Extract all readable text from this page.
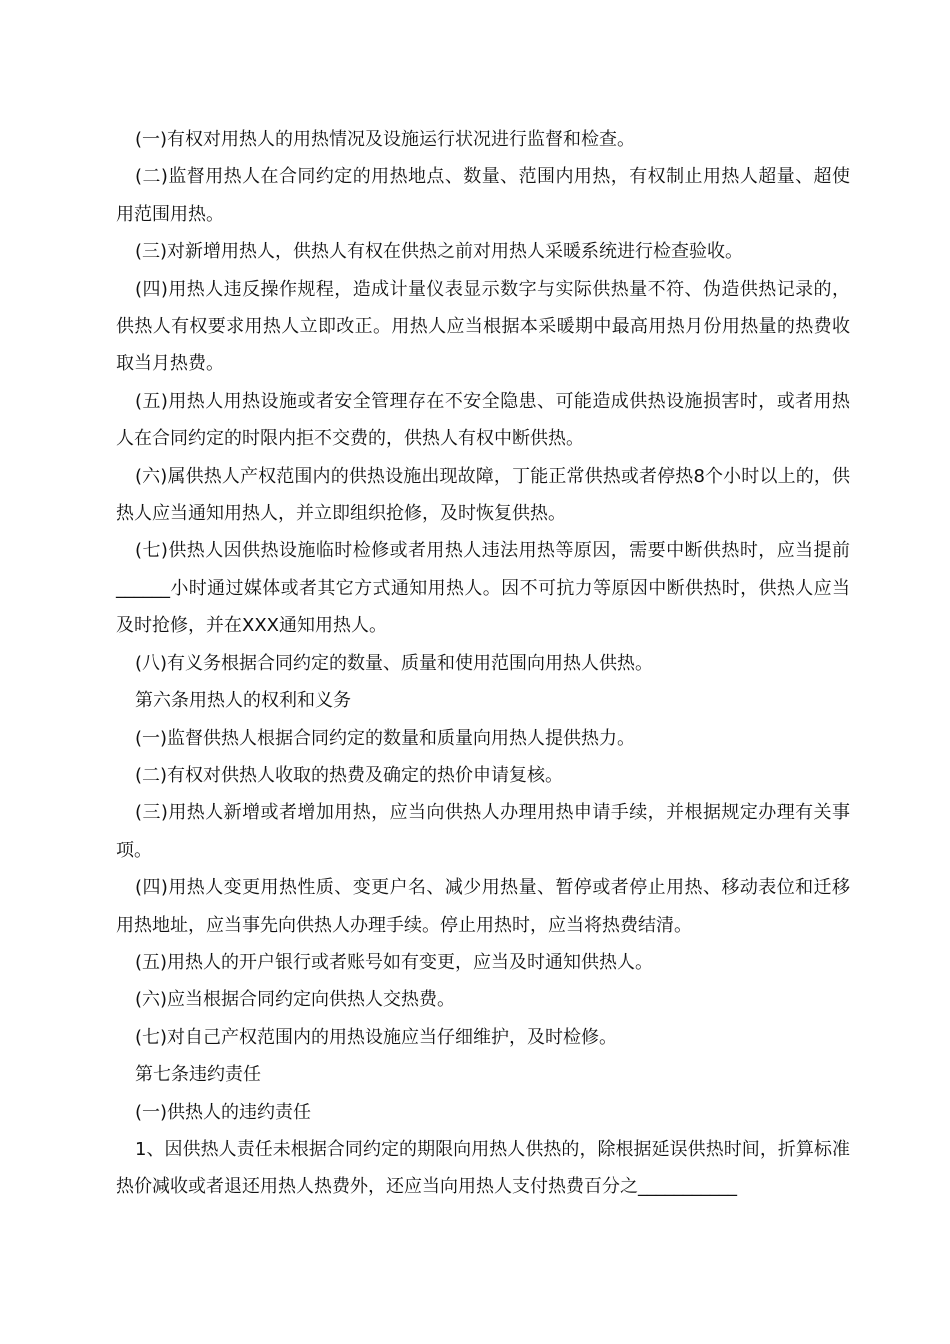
(一)有权对用热人的用热情况及设施运行状况进行监督和检查。

(二)监督用热人在合同约定的用热地点、数量、范围内用热，有权制止用热人超量、超使用范围用热。

(三)对新增用热人，供热人有权在供热之前对用热人采暖系统进行检查验收。

(四)用热人违反操作规程，造成计量仪表显示数字与实际供热量不符、伪造供热记录的，供热人有权要求用热人立即改正。用热人应当根据本采暖期中最高用热月份用热量的热费收取当月热费。

(五)用热人用热设施或者安全管理存在不安全隐患、可能造成供热设施损害时，或者用热人在合同约定的时限内拒不交费的，供热人有权中断供热。

(六)属供热人产权范围内的供热设施出现故障，丁能正常供热或者停热8个小时以上的，供热人应当通知用热人，并立即组织抢修，及时恢复供热。

(七)供热人因供热设施临时检修或者用热人违法用热等原因，需要中断供热时，应当提前______小时通过媒体或者其它方式通知用热人。因不可抗力等原因中断供热时，供热人应当及时抢修，并在XXX通知用热人。

(八)有义务根据合同约定的数量、质量和使用范围向用热人供热。

第六条用热人的权利和义务

(一)监督供热人根据合同约定的数量和质量向用热人提供热力。

(二)有权对供热人收取的热费及确定的热价申请复核。

(三)用热人新增或者增加用热，应当向供热人办理用热申请手续，并根据规定办理有关事项。

(四)用热人变更用热性质、变更户名、减少用热量、暂停或者停止用热、移动表位和迁移用热地址，应当事先向供热人办理手续。停止用热时，应当将热费结清。

(五)用热人的开户银行或者账号如有变更，应当及时通知供热人。

(六)应当根据合同约定向供热人交热费。

(七)对自己产权范围内的用热设施应当仔细维护，及时检修。

第七条违约责任

(一)供热人的违约责任

1、因供热人责任未根据合同约定的期限向用热人供热的，除根据延误供热时间，折算标准热价减收或者退还用热人热费外，还应当向用热人支付热费百分之___________
